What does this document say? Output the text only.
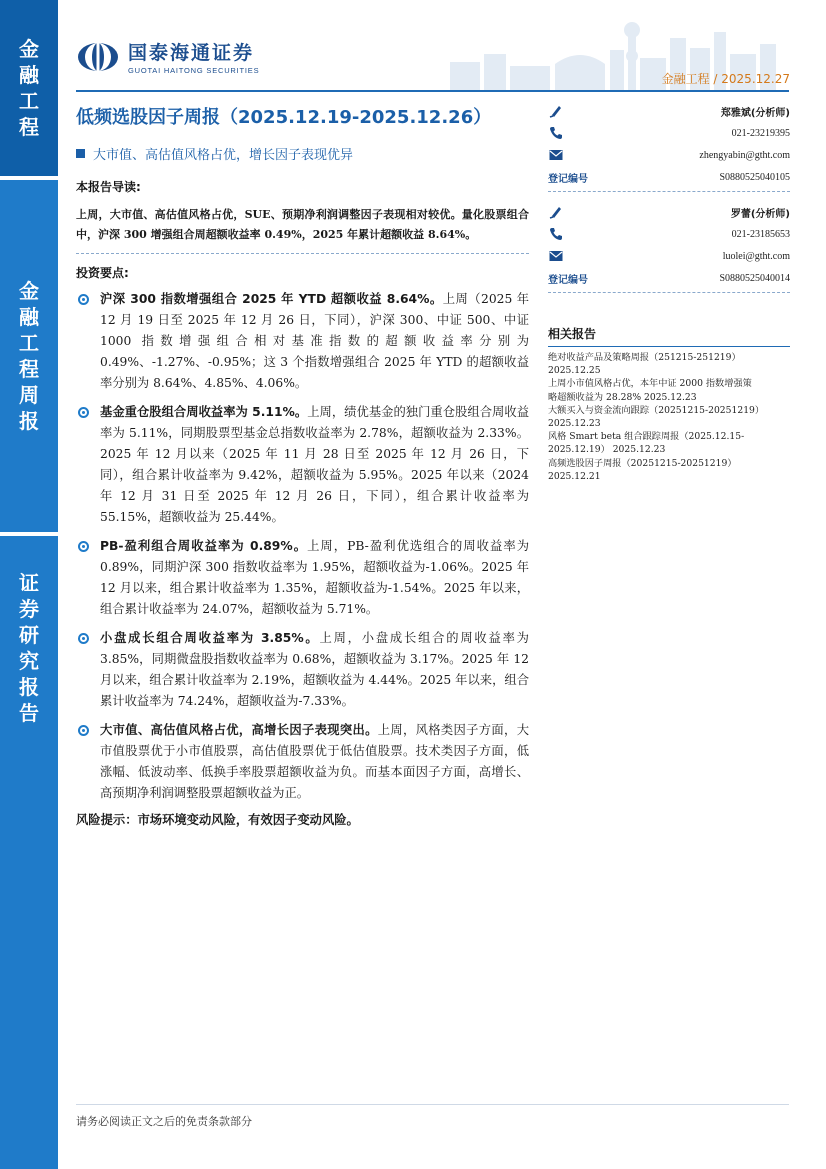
金
融
工
程
金
融
工
程
周
报
证
券
研
究
报
告
国泰海通证券
GUOTAI HAITONG SECURITIES
金融工程 / 2025.12.27
低频选股因子周报（2025.12.19-2025.12.26）
大市值、高估值风格占优，增长因子表现优异
本报告导读:
上周，大市值、高估值风格占优，SUE、预期净利润调整因子表现相对较优。量化股票组合中，沪深 300 增强组合周超额收益率 0.49%，2025 年累计超额收益 8.64%。
投资要点:
沪深 300 指数增强组合 2025 年 YTD 超额收益 8.64%。上周（2025 年 12 月 19 日至 2025 年 12 月 26 日，下同），沪深 300、中证 500、中证 1000 指数增强组合相对基准指数的超额收益率分别为 0.49%、-1.27%、-0.95%；这 3 个指数增强组合 2025 年 YTD 的超额收益率分别为 8.64%、4.85%、4.06%。
基金重仓股组合周收益率为 5.11%。上周，绩优基金的独门重仓股组合周收益率为 5.11%，同期股票型基金总指数收益率为 2.78%，超额收益为 2.33%。2025 年 12 月以来（2025 年 11 月 28 日至 2025 年 12 月 26 日，下同），组合累计收益率为 9.42%，超额收益为 5.95%。2025 年以来（2024 年 12 月 31 日至 2025 年 12 月 26 日，下同），组合累计收益率为 55.15%，超额收益为 25.44%。
PB-盈利组合周收益率为 0.89%。上周，PB-盈利优选组合的周收益率为 0.89%，同期沪深 300 指数收益率为 1.95%，超额收益为-1.06%。2025 年 12 月以来，组合累计收益率为 1.35%，超额收益为-1.54%。2025 年以来，组合累计收益率为 24.07%，超额收益为 5.71%。
小盘成长组合周收益率为 3.85%。上周，小盘成长组合的周收益率为 3.85%，同期微盘股指数收益率为 0.68%，超额收益为 3.17%。2025 年 12 月以来，组合累计收益率为 2.19%，超额收益为 4.44%。2025 年以来，组合累计收益率为 74.24%，超额收益为-7.33%。
大市值、高估值风格占优，高增长因子表现突出。上周，风格类因子方面，大市值股票优于小市值股票，高估值股票优于低估值股票。技术类因子方面，低涨幅、低波动率、低换手率股票超额收益为负。而基本面因子方面，高增长、高预期净利润调整股票超额收益为正。
风险提示：市场环境变动风险，有效因子变动风险。
郑雅斌(分析师)
021-23219395
zhengyabin@gtht.com
登记编号	S0880525040105
罗蕾(分析师)
021-23185653
luolei@gtht.com
登记编号	S0880525040014
相关报告
绝对收益产品及策略周报（251215-251219）
2025.12.25
上周小市值风格占优，本年中证 2000 指数增强策
略超额收益为 28.28% 2025.12.23
大额买入与资金流向跟踪（20251215-20251219）
2025.12.23
风格 Smart beta 组合跟踪周报（2025.12.15-
2025.12.19） 2025.12.23
高频选股因子周报（20251215-20251219）
2025.12.21
请务必阅读正文之后的免责条款部分
